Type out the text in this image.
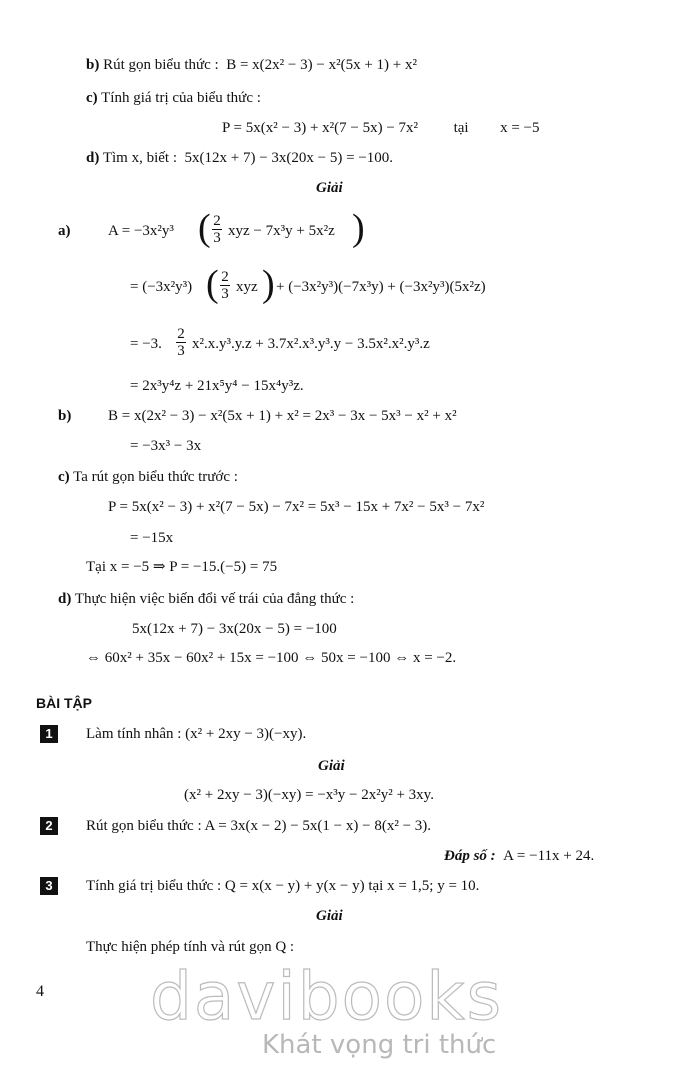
b) Rút gọn biểu thức : B = x(2x² − 3) − x²(5x + 1) + x²
c) Tính giá trị của biểu thức :
P = 5x(x² − 3) + x²(7 − 5x) − 7x² tại x = −5
d) Tìm x, biết : 5x(12x + 7) − 3x(20x − 5) = −100.
Giải
a)	A = −3x²y³ ( 2
3 xyz − 7x³y + 5x²z )
= (−3x²y³) ( 2
3 xyz ) + (−3x²y³)(−7x³y) + (−3x²y³)(5x²z)
= −3.
2
3 x².x.y³.y.z + 3.7x².x³.y³.y − 3.5x².x².y³.z
= 2x³y⁴z + 21x⁵y⁴ − 15x⁴y³z.
b) B = x(2x² − 3) − x²(5x + 1) + x² = 2x³ − 3x − 5x³ − x² + x²
= −3x³ − 3x
c) Ta rút gọn biểu thức trước :
P = 5x(x² − 3) + x²(7 − 5x) − 7x² = 5x³ − 15x + 7x² − 5x³ − 7x²
= −15x
Tại x = −5 ⇒ P = −15.(−5) = 75
d) Thực hiện việc biến đổi vế trái của đẳng thức :
5x(12x + 7) − 3x(20x − 5) = −100
⇔ 60x² + 35x − 60x² + 15x = −100 ⇔ 50x = −100 ⇔ x = −2.
BÀI TẬP
1	Làm tính nhân : (x² + 2xy − 3)(−xy).
Giải
(x² + 2xy − 3)(−xy) = −x³y − 2x²y² + 3xy.
2	Rút gọn biểu thức : A = 3x(x − 2) − 5x(1 − x) − 8(x² − 3).
Đáp số : A = −11x + 24.
3	Tính giá trị biểu thức : Q = x(x − y) + y(x − y) tại x = 1,5; y = 10.
Giải
Thực hiện phép tính và rút gọn Q :
4 davibooks
Khát vọng tri thức
